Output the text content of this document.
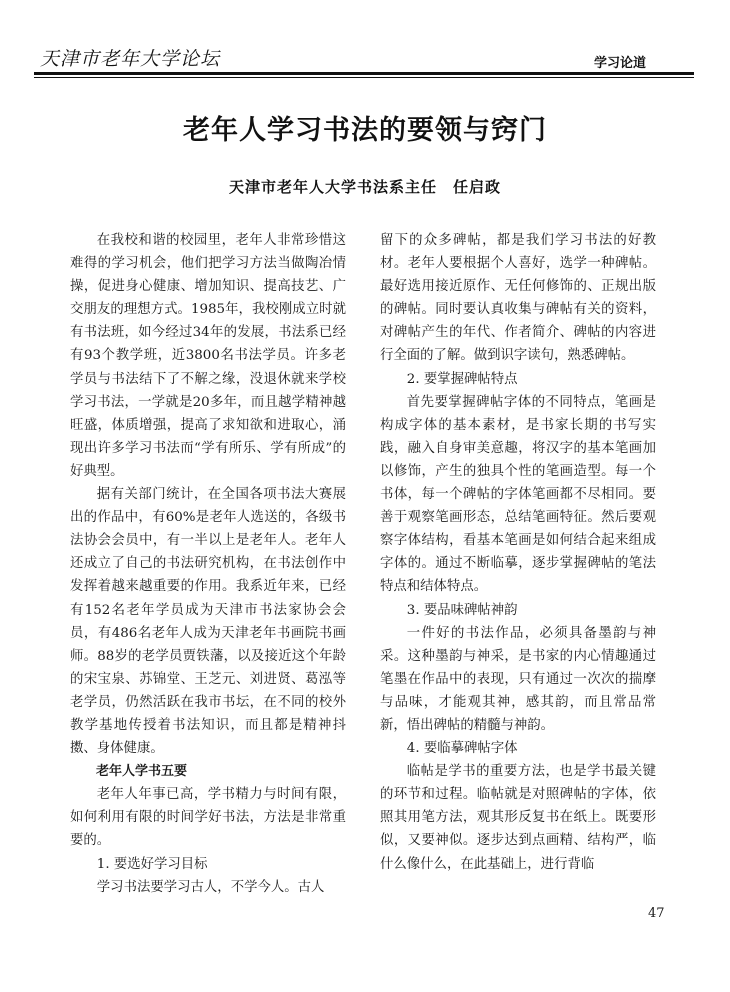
天津市老年大学论坛	学习论道
老年人学习书法的要领与窍门
天津市老年人大学书法系主任 任启政

在我校和谐的校园里，老年人非常珍惜这难得的学习机会，他们把学习方法当做陶冶情操，促进身心健康、增加知识、提高技艺、广交朋友的理想方式。1985年，我校刚成立时就有书法班，如今经过34年的发展，书法系已经有93个教学班，近3800名书法学员。许多老学员与书法结下了不解之缘，没退休就来学校学习书法，一学就是20多年，而且越学精神越旺盛，体质增强，提高了求知欲和进取心，涌现出许多学习书法而“学有所乐、学有所成”的好典型。

据有关部门统计，在全国各项书法大赛展出的作品中，有60%是老年人选送的，各级书法协会会员中，有一半以上是老年人。老年人还成立了自己的书法研究机构，在书法创作中发挥着越来越重要的作用。我系近年来，已经有152名老年学员成为天津市书法家协会会员，有486名老年人成为天津老年书画院书画师。88岁的老学员贾铁藩，以及接近这个年龄的宋宝泉、苏锦堂、王芝元、刘进贤、葛泓等老学员，仍然活跃在我市书坛，在不同的校外教学基地传授着书法知识，而且都是精神抖擞、身体健康。

老年人学书五要

老年人年事已高，学书精力与时间有限，如何利用有限的时间学好书法，方法是非常重要的。

1. 要选好学习目标

学习书法要学习古人，不学今人。古人

留下的众多碑帖，都是我们学习书法的好教材。老年人要根据个人喜好，选学一种碑帖。最好选用接近原作、无任何修饰的、正规出版的碑帖。同时要认真收集与碑帖有关的资料，对碑帖产生的年代、作者简介、碑帖的内容进行全面的了解。做到识字读句，熟悉碑帖。

2. 要掌握碑帖特点

首先要掌握碑帖字体的不同特点，笔画是构成字体的基本素材，是书家长期的书写实践，融入自身审美意趣，将汉字的基本笔画加以修饰，产生的独具个性的笔画造型。每一个书体，每一个碑帖的字体笔画都不尽相同。要善于观察笔画形态，总结笔画特征。然后要观察字体结构，看基本笔画是如何结合起来组成字体的。通过不断临摹，逐步掌握碑帖的笔法特点和结体特点。

3. 要品味碑帖神韵

一件好的书法作品，必须具备墨韵与神采。这种墨韵与神采，是书家的内心情趣通过笔墨在作品中的表现，只有通过一次次的揣摩与品味，才能观其神，感其韵，而且常品常新，悟出碑帖的精髓与神韵。

4. 要临摹碑帖字体

临帖是学书的重要方法，也是学书最关键的环节和过程。临帖就是对照碑帖的字体，依照其用笔方法，观其形反复书在纸上。既要形似，又要神似。逐步达到点画精、结构严，临什么像什么，在此基础上，进行背临

47
